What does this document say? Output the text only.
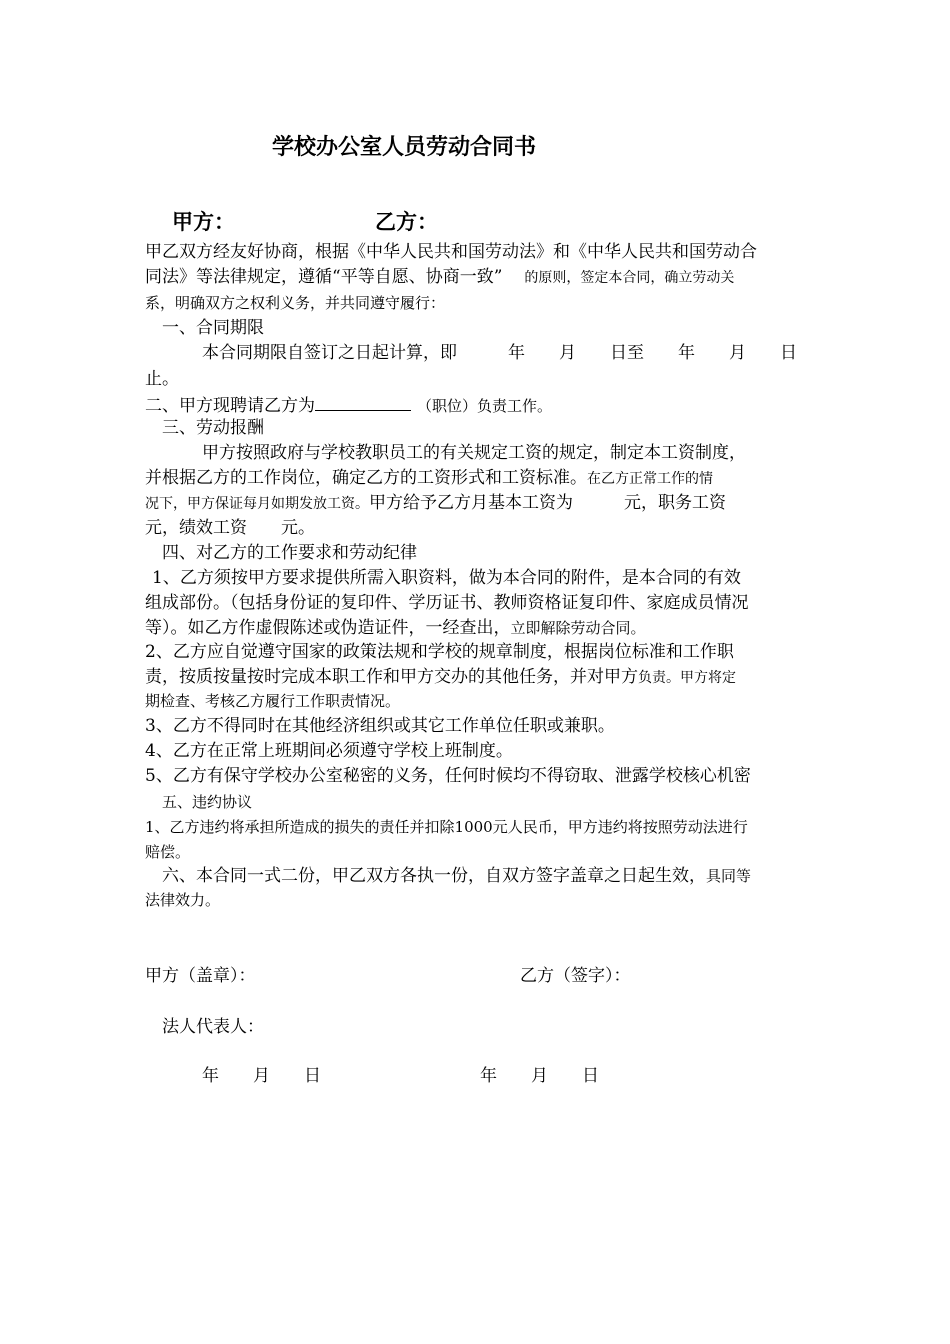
学校办公室人员劳动合同书
甲方：	乙方：
甲乙双方经友好协商，根据《中华人民共和国劳动法》和《中华人民共和国劳动合
同法》等法律规定，遵循“平等自愿、协商一致” 的原则，签定本合同，确立劳动关
系，明确双方之权利义务，并共同遵守履行：
一、合同期限
本合同期限自签订之日起计算，即　　　年　　月　　日至　　年　　月　　日
止。
二、甲方现聘请乙方为	（职位）负责工作。
三、劳动报酬
甲方按照政府与学校教职员工的有关规定工资的规定，制定本工资制度，
并根据乙方的工作岗位，确定乙方的工资形式和工资标准。在乙方正常工作的情
况下，甲方保证每月如期发放工资。甲方给予乙方月基本工资为　　　元，职务工资
元，绩效工资　　元。
四、对乙方的工作要求和劳动纪律
1、乙方须按甲方要求提供所需入职资料，做为本合同的附件，是本合同的有效
组成部份。（包括身份证的复印件、学历证书、教师资格证复印件、家庭成员情况
等）。如乙方作虚假陈述或伪造证件，一经查出，立即解除劳动合同。
2、乙方应自觉遵守国家的政策法规和学校的规章制度，根据岗位标准和工作职
责，按质按量按时完成本职工作和甲方交办的其他任务，并对甲方负责。甲方将定
期检查、考核乙方履行工作职责情况。
3、乙方不得同时在其他经济组织或其它工作单位任职或兼职。
4、乙方在正常上班期间必须遵守学校上班制度。
5、乙方有保守学校办公室秘密的义务，任何时候均不得窃取、泄露学校核心机密
五、违约协议
1、乙方违约将承担所造成的损失的责任并扣除1000元人民币，甲方违约将按照劳动法进行
赔偿。
六、本合同一式二份，甲乙双方各执一份，自双方签字盖章之日起生效，具同等
法律效力。
甲方（盖章）：	乙方（签字）：
法人代表人：
年　　月　　日	年　　月　　日
